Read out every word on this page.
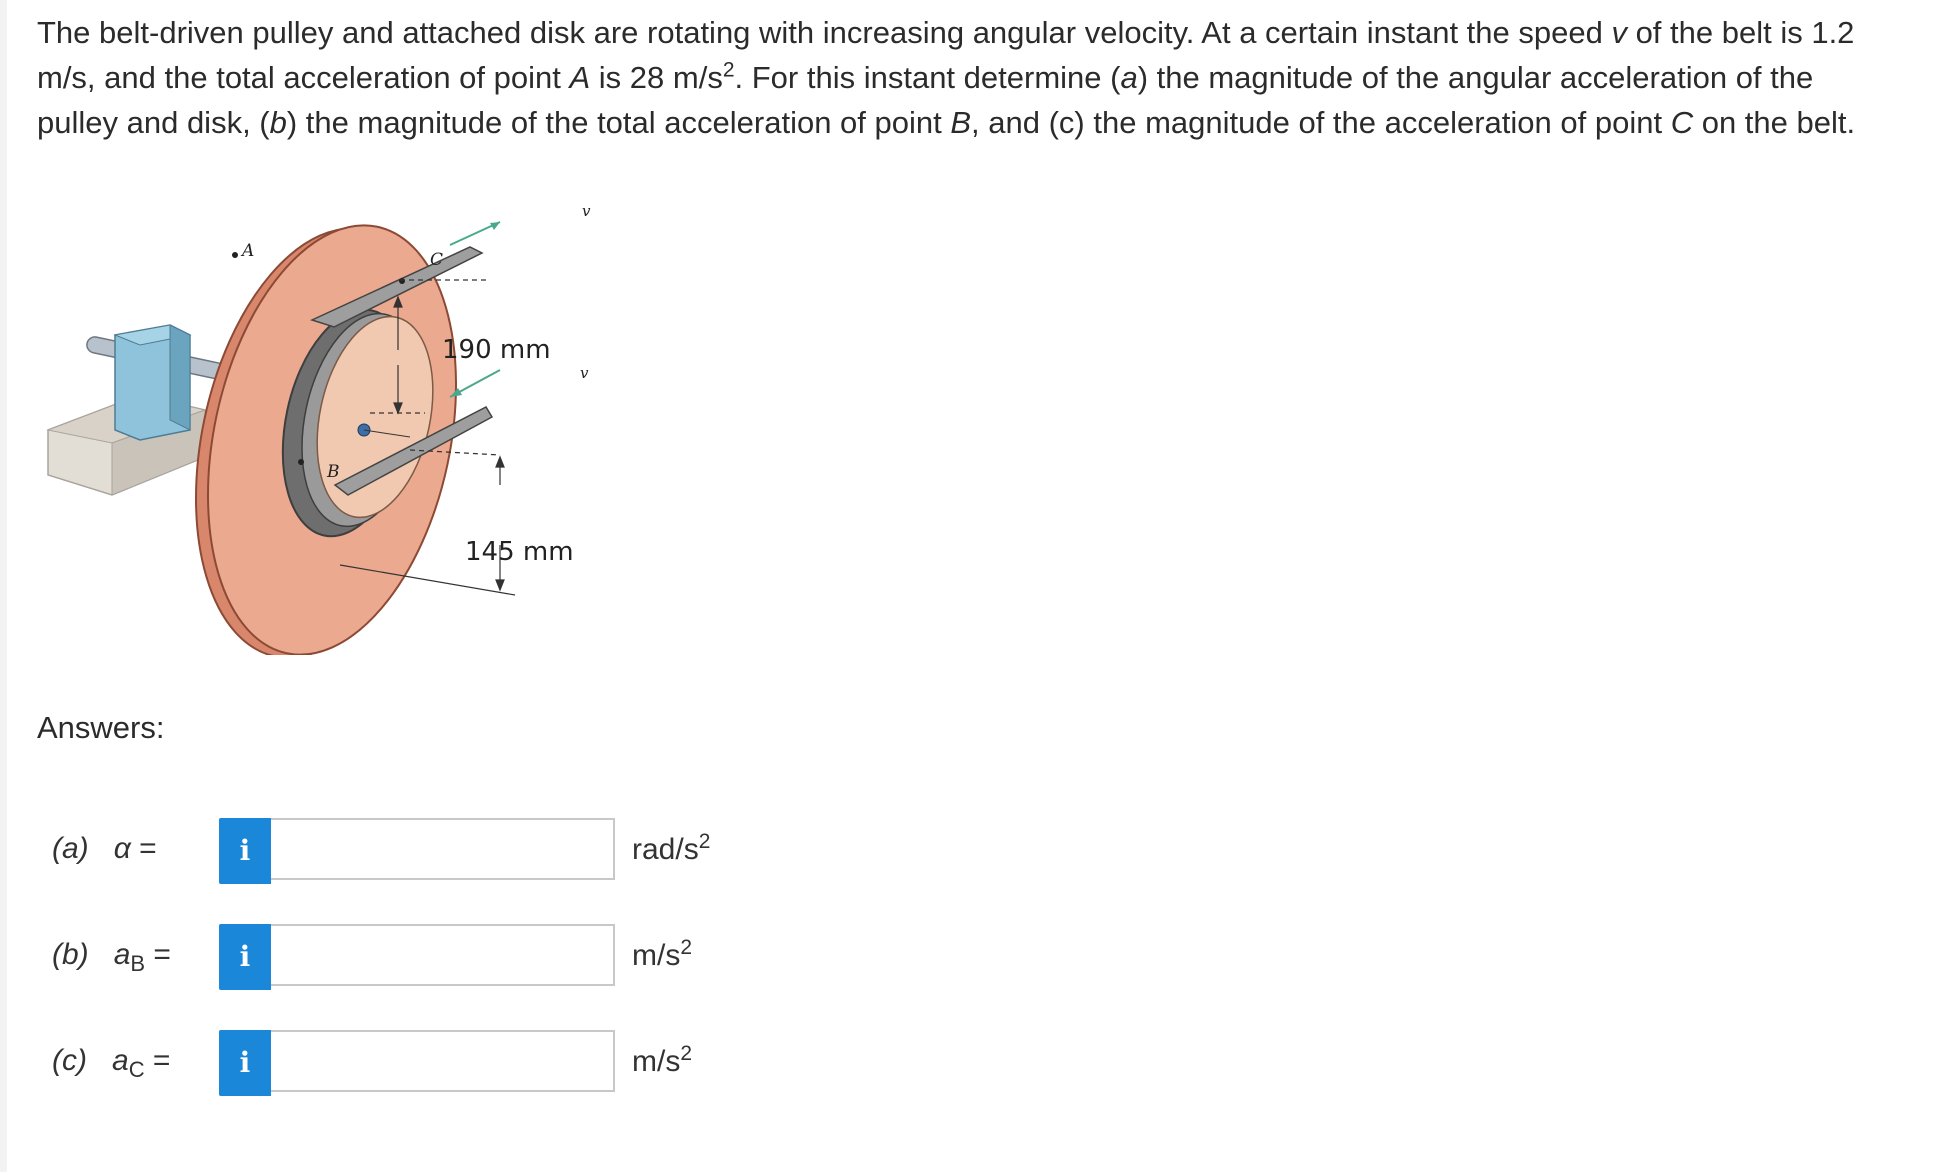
The belt-driven pulley and attached disk are rotating with increasing angular velocity. At a certain instant the speed v of the belt is 1.2 m/s, and the total acceleration of point A is 28 $m/s^2$. For this instant determine (a) the magnitude of the angular acceleration of the pulley and disk, (b) the magnitude of the total acceleration of point B, and (c) the magnitude of the acceleration of point C on the belt.
A	C
B
v
v
190 mm
145 mm
Answers:
(a) α =	i	rad/$s^2$
(b) $a_B$ =	i	$m/s^2$
(c) $a_C$ =	i	$m/s^2$
